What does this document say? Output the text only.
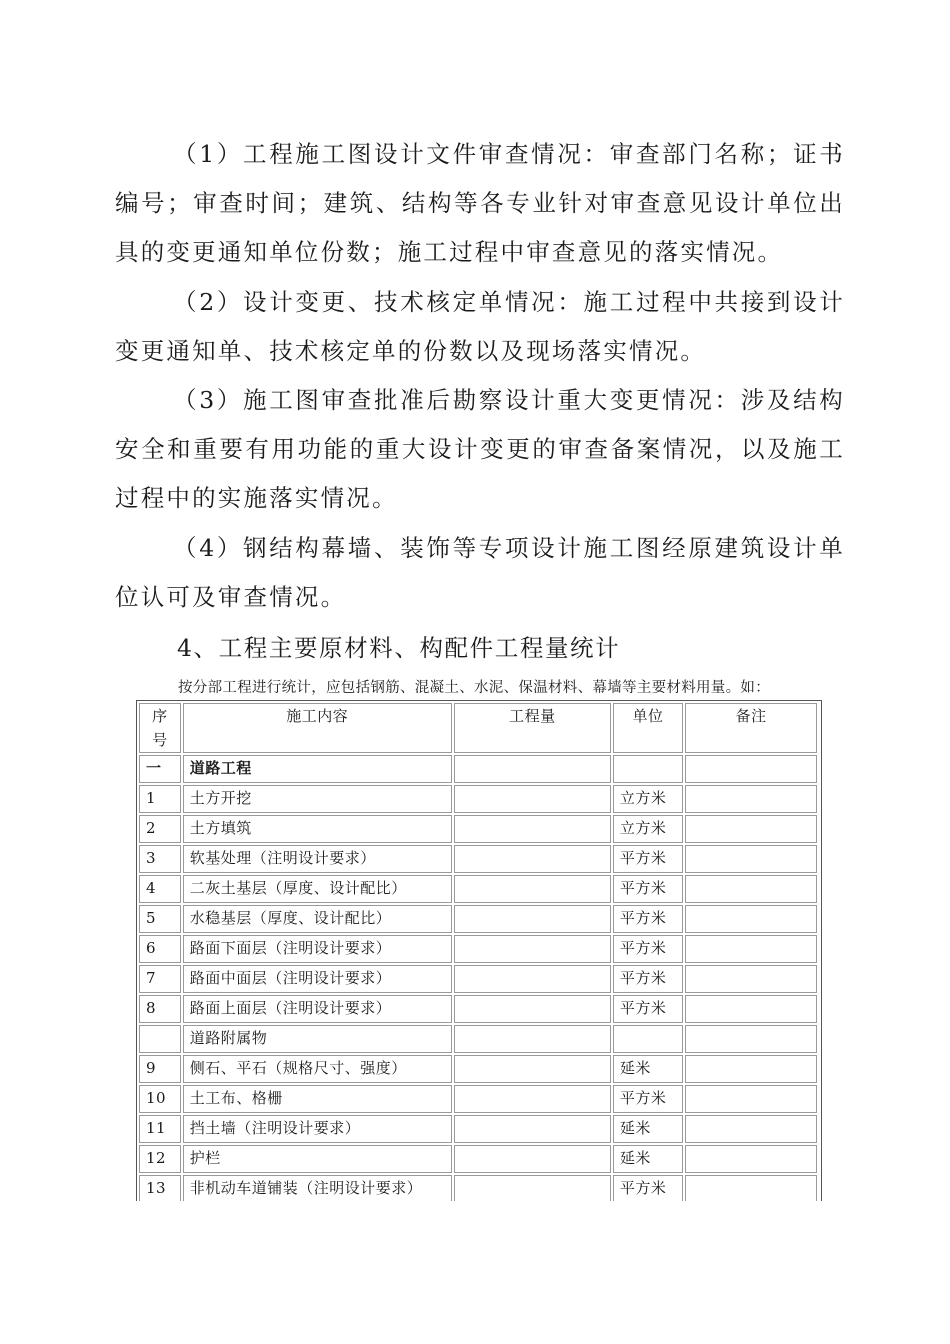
（1）工程施工图设计文件审查情况：审查部门名称；证书编号；审查时间；建筑、结构等各专业针对审查意见设计单位出具的变更通知单位份数；施工过程中审查意见的落实情况。

（2）设计变更、技术核定单情况：施工过程中共接到设计变更通知单、技术核定单的份数以及现场落实情况。

（3）施工图审查批准后勘察设计重大变更情况：涉及结构安全和重要有用功能的重大设计变更的审查备案情况，以及施工过程中的实施落实情况。

（4）钢结构幕墙、装饰等专项设计施工图经原建筑设计单位认可及审查情况。

4、工程主要原材料、构配件工程量统计

按分部工程进行统计，应包括钢筋、混凝土、水泥、保温材料、幕墙等主要材料用量。如：

序号	施工内容	工程量	单位	备注
一	道路工程			
1	土方开挖		立方米	
2	土方填筑		立方米	
3	软基处理（注明设计要求）		平方米	
4	二灰土基层（厚度、设计配比）		平方米	
5	水稳基层（厚度、设计配比）		平方米	
6	路面下面层（注明设计要求）		平方米	
7	路面中面层（注明设计要求）		平方米	
8	路面上面层（注明设计要求）		平方米	
	道路附属物			
9	侧石、平石（规格尺寸、强度）		延米	
10	土工布、格栅		平方米	
11	挡土墙（注明设计要求）		延米	
12	护栏		延米	
13	非机动车道铺装（注明设计要求）		平方米	
